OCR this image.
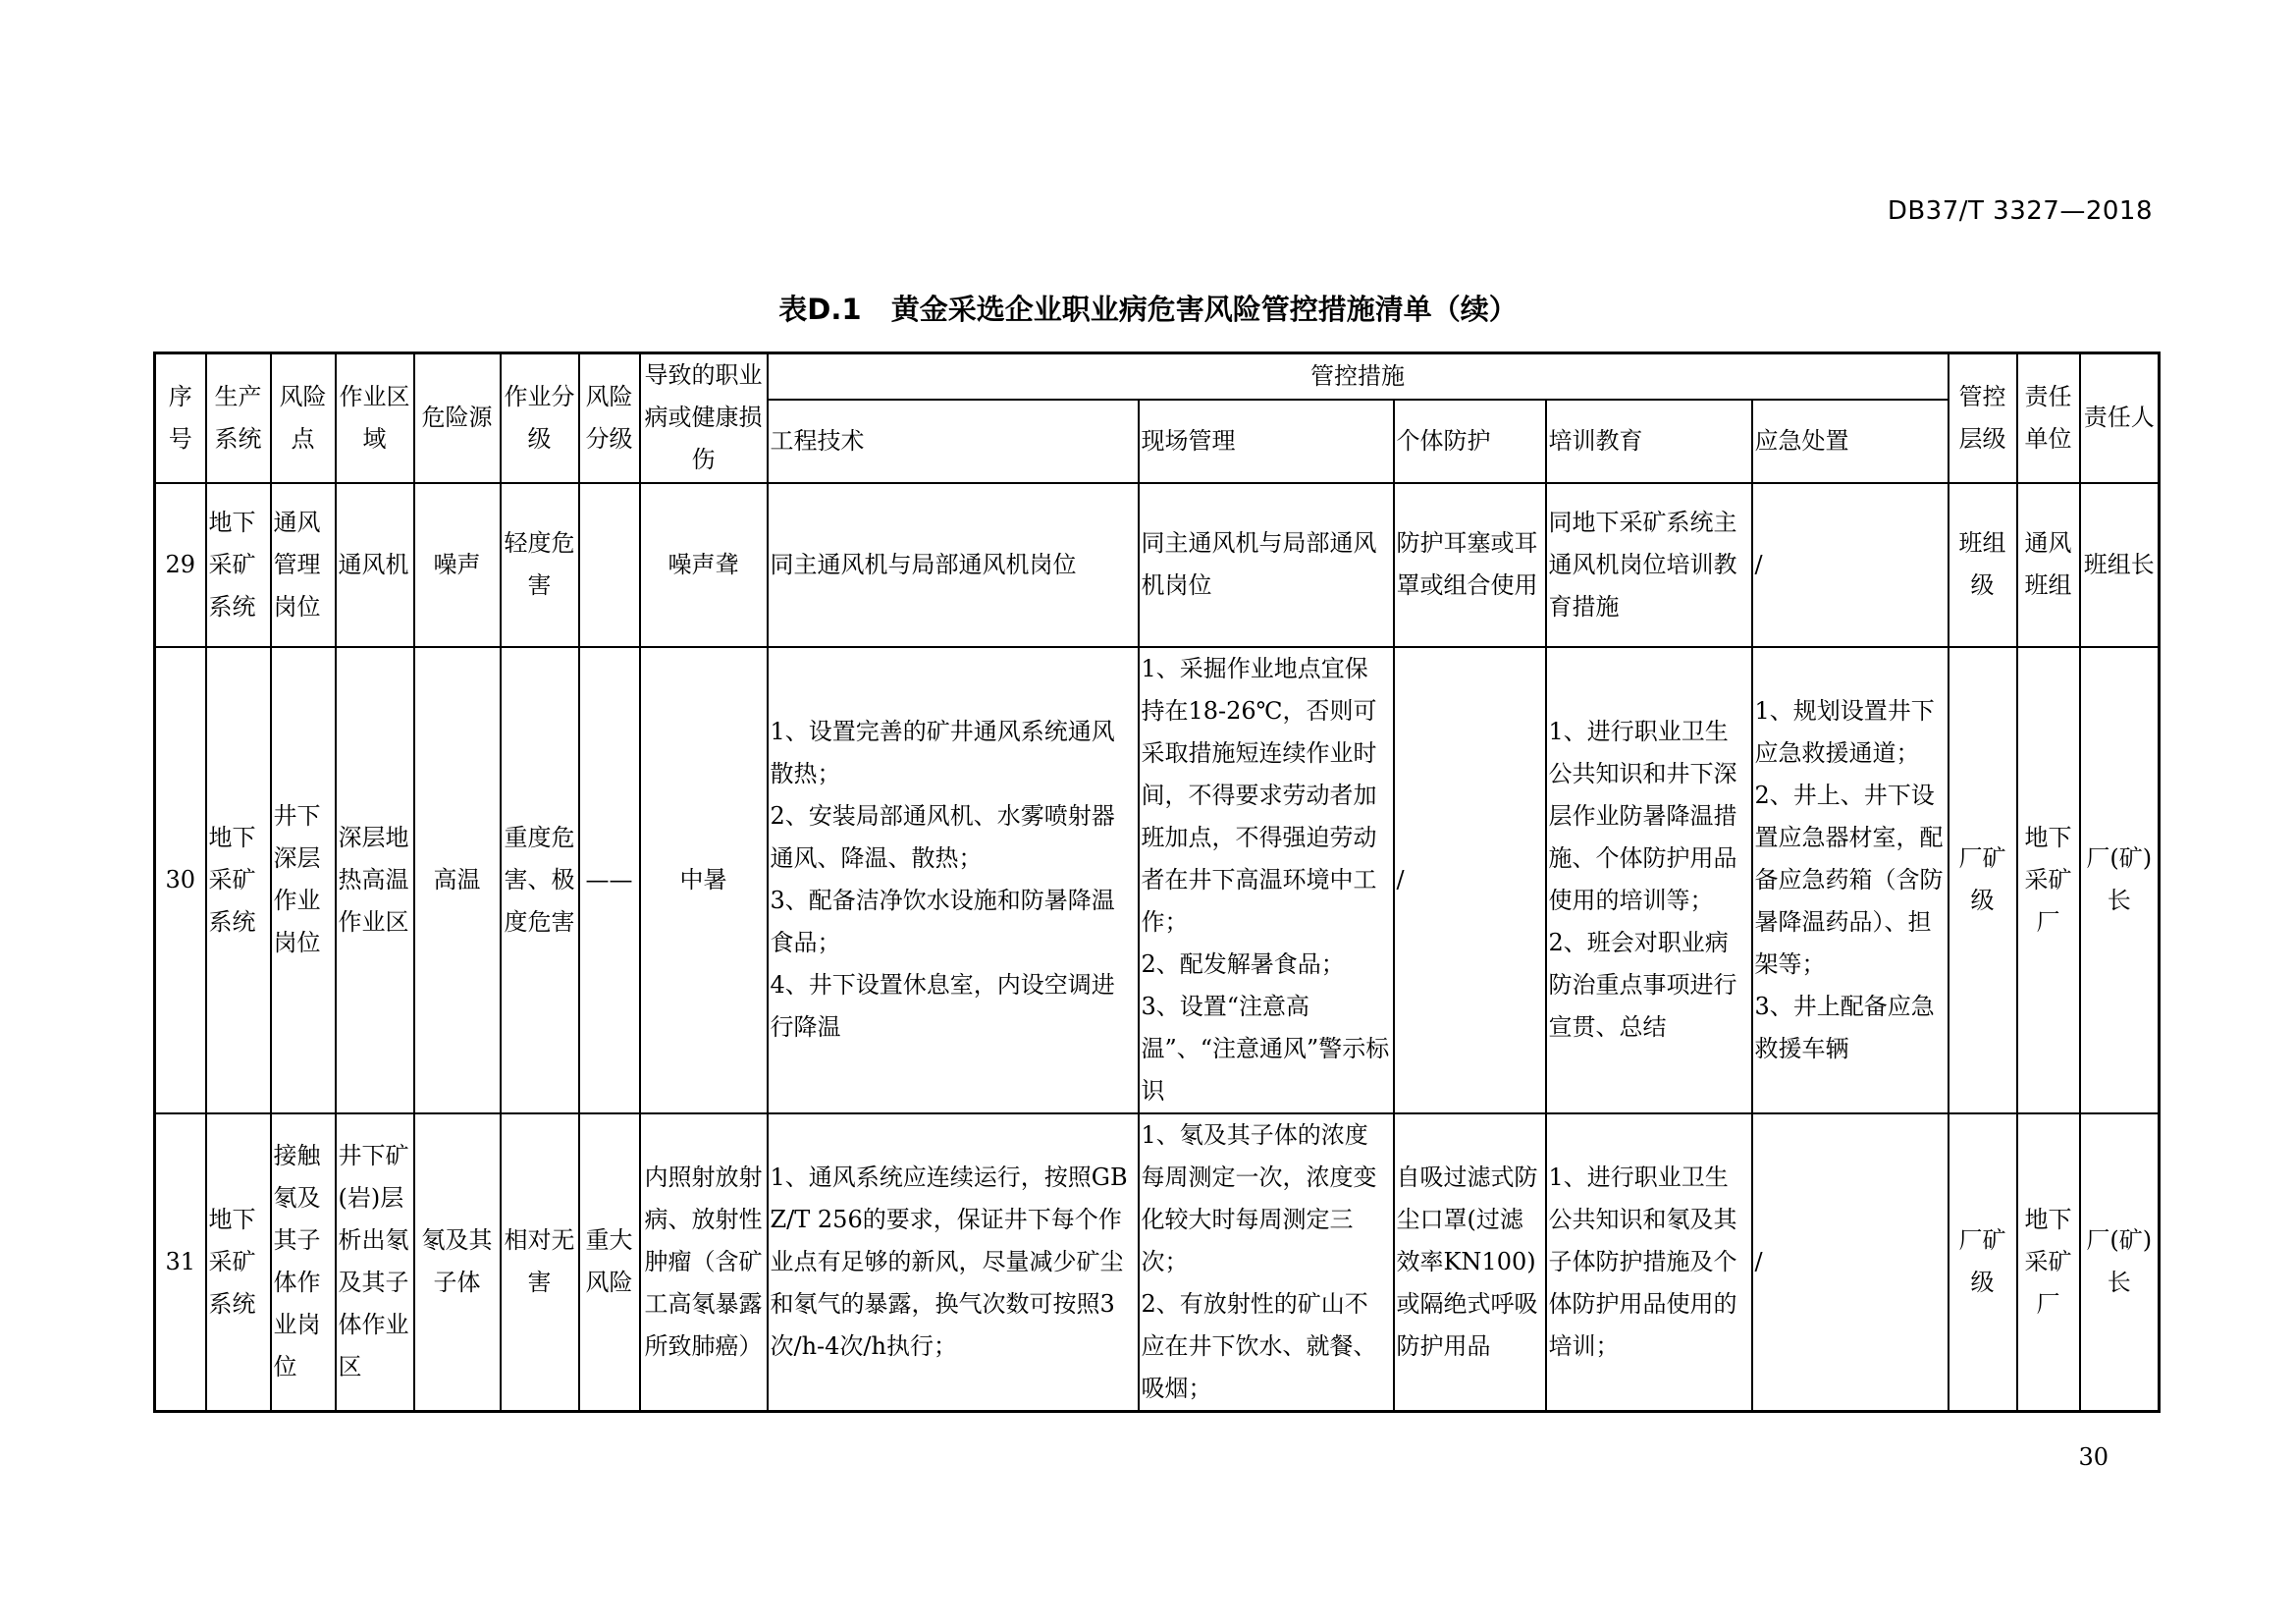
DB37/T 3327—2018
表D.1 黄金采选企业职业病危害风险管控措施清单（续）
序号	生产系统	风险点	作业区域	危险源	作业分级	风险分级	导致的职业病或健康损伤	管控措施					管控层级	责任单位	责任人
								工程技术	现场管理	个体防护	培训教育	应急处置			
29	地下采矿系统	通风管理岗位	通风机	噪声	轻度危害		噪声聋	同主通风机与局部通风机岗位	同主通风机与局部通风机岗位	防护耳塞或耳罩或组合使用	同地下采矿系统主通风机岗位培训教育措施	/	班组级	通风班组	班组长
30	地下采矿系统	井下深层作业岗位	深层地热高温作业区	高温	重度危害、极度危害	——	中暑	1、设置完善的矿井通风系统通风散热；
2、安装局部通风机、水雾喷射器通风、降温、散热；
3、配备洁净饮水设施和防暑降温食品；
4、井下设置休息室，内设空调进行降温	1、采掘作业地点宜保持在18-26℃，否则可采取措施短连续作业时间，不得要求劳动者加班加点，不得强迫劳动者在井下高温环境中工作；
2、配发解暑食品；
3、设置“注意高温”、“注意通风”警示标识	/	1、进行职业卫生公共知识和井下深层作业防暑降温措施、个体防护用品使用的培训等；
2、班会对职业病防治重点事项进行宣贯、总结	1、规划设置井下应急救援通道；
2、井上、井下设置应急器材室，配备应急药箱（含防暑降温药品）、担架等；
3、井上配备应急救援车辆	厂矿级	地下采矿厂	厂(矿)长
31	地下采矿系统	接触氡及其子体作业岗位	井下矿(岩)层析出氡及其子体作业区	氡及其子体	相对无害	重大风险	内照射放射病、放射性肿瘤（含矿工高氡暴露所致肺癌）	1、通风系统应连续运行，按照GBZ/T 256的要求，保证井下每个作业点有足够的新风，尽量减少矿尘和氡气的暴露，换气次数可按照3次/h-4次/h执行；	1、氡及其子体的浓度每周测定一次，浓度变化较大时每周测定三次；
2、有放射性的矿山不应在井下饮水、就餐、吸烟；	自吸过滤式防尘口罩(过滤效率KN100)或隔绝式呼吸防护用品	1、进行职业卫生公共知识和氡及其子体防护措施及个体防护用品使用的培训；	/	厂矿级	地下采矿厂	厂(矿)长
30
